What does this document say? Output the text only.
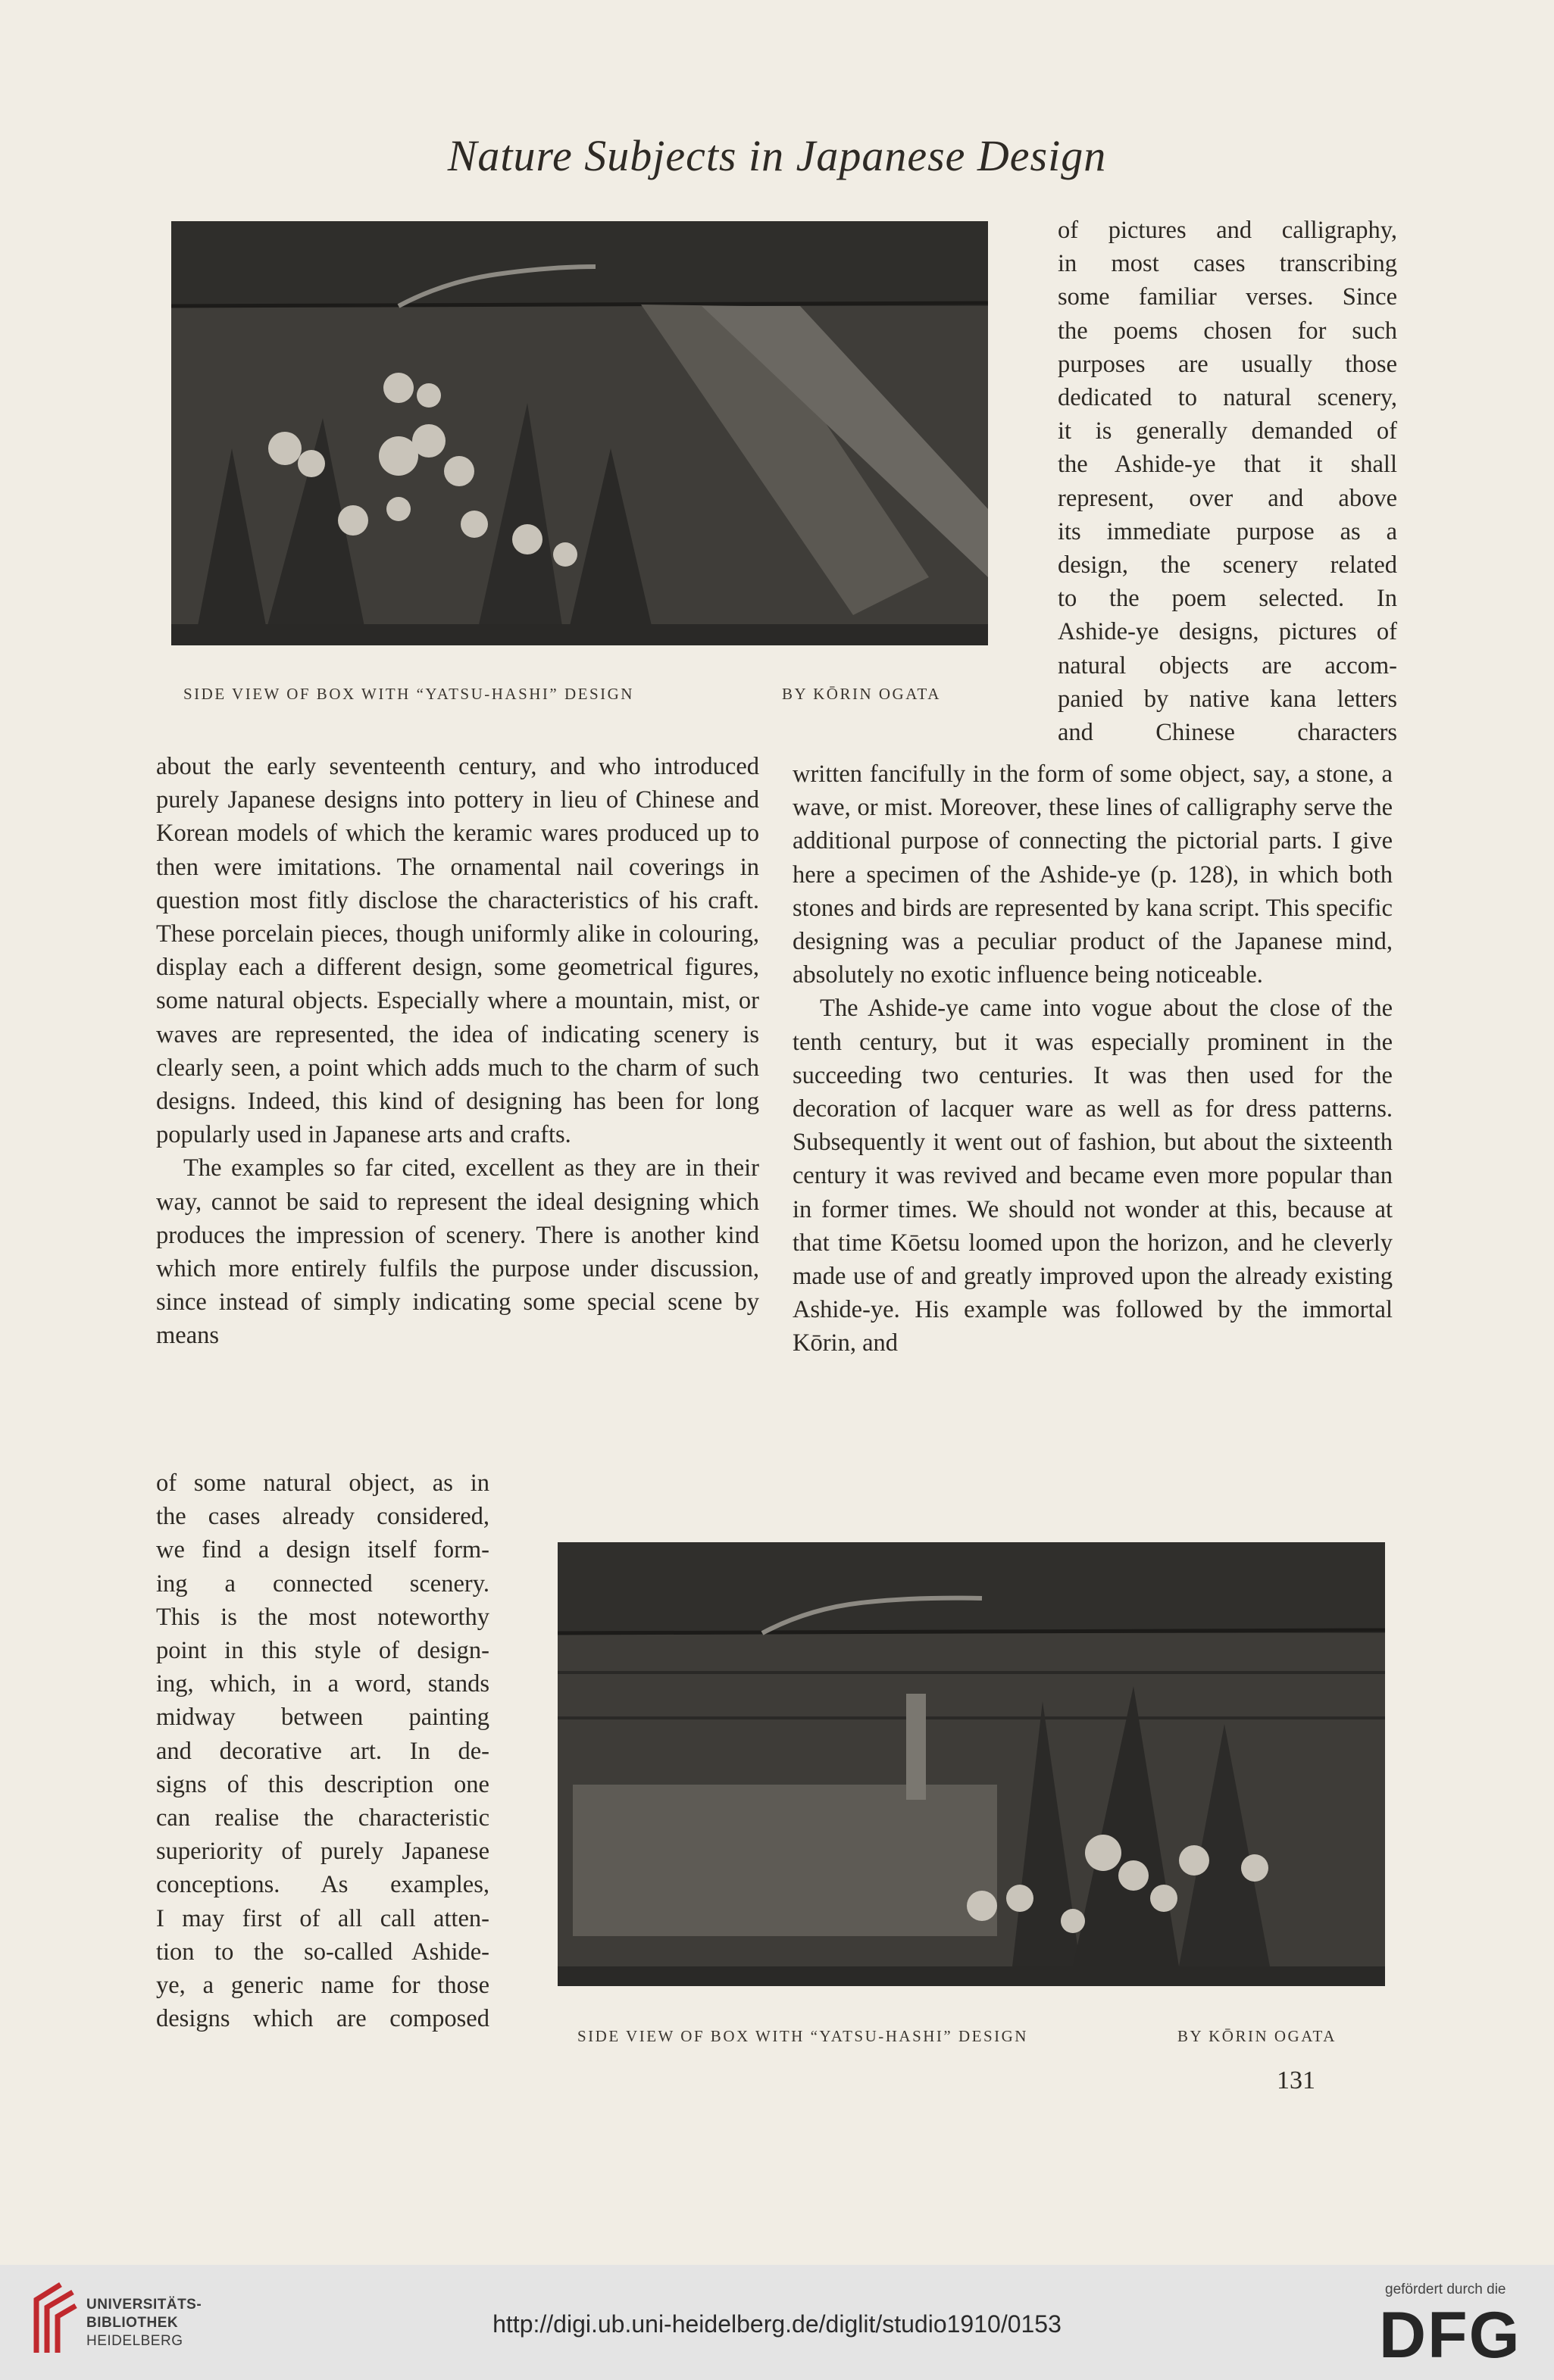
Nature Subjects in Japanese Design
SIDE VIEW OF BOX WITH “YATSU-HASHI” DESIGN	BY KŌRIN OGATA
of pictures and calligraphy,
in most cases transcribing
some familiar verses. Since
the poems chosen for such
purposes are usually those
dedicated to natural scenery,
it is generally demanded of
the Ashide-ye that it shall
represent, over and above
its immediate purpose as a
design, the scenery related
to the poem selected. In
Ashide-ye designs, pictures of
natural objects are accom-
panied by native kana letters
and Chinese characters

about the early seventeenth century, and who introduced purely Japanese designs into pottery in lieu of Chinese and Korean models of which the keramic wares produced up to then were imitations. The ornamental nail coverings in question most fitly disclose the characteristics of his craft. These porcelain pieces, though uniformly alike in colouring, display each a different design, some geometrical figures, some natural objects. Especially where a mountain, mist, or waves are represented, the idea of indicating scenery is clearly seen, a point which adds much to the charm of such designs. Indeed, this kind of designing has been for long popularly used in Japanese arts and crafts.

The examples so far cited, excellent as they are in their way, cannot be said to represent the ideal designing which produces the impression of scenery. There is another kind which more entirely fulfils the purpose under discussion, since instead of simply indicating some special scene by means

of some natural object, as in
the cases already considered,
we find a design itself form-
ing a connected scenery.
This is the most noteworthy
point in this style of design-
ing, which, in a word, stands
midway between painting
and decorative art. In de-
signs of this description one
can realise the characteristic
superiority of purely Japanese
conceptions. As examples,
I may first of all call atten-
tion to the so-called Ashide-
ye, a generic name for those
designs which are composed

written fancifully in the form of some object, say, a stone, a wave, or mist. Moreover, these lines of calligraphy serve the additional purpose of connecting the pictorial parts. I give here a specimen of the Ashide-ye (p. 128), in which both stones and birds are represented by kana script. This specific designing was a peculiar product of the Japanese mind, absolutely no exotic influence being noticeable.

The Ashide-ye came into vogue about the close of the tenth century, but it was especially prominent in the succeeding two centuries. It was then used for the decoration of lacquer ware as well as for dress patterns. Subsequently it went out of fashion, but about the sixteenth century it was revived and became even more popular than in former times. We should not wonder at this, because at that time Kōetsu loomed upon the horizon, and he cleverly made use of and greatly improved upon the already existing Ashide-ye. His example was followed by the immortal Kōrin, and

SIDE VIEW OF BOX WITH “YATSU-HASHI” DESIGN	BY KŌRIN OGATA
131
UNIVERSITÄTS-
BIBLIOTHEK
HEIDELBERG
http://digi.ub.uni-heidelberg.de/diglit/studio1910/0153
gefördert durch die
DFG
